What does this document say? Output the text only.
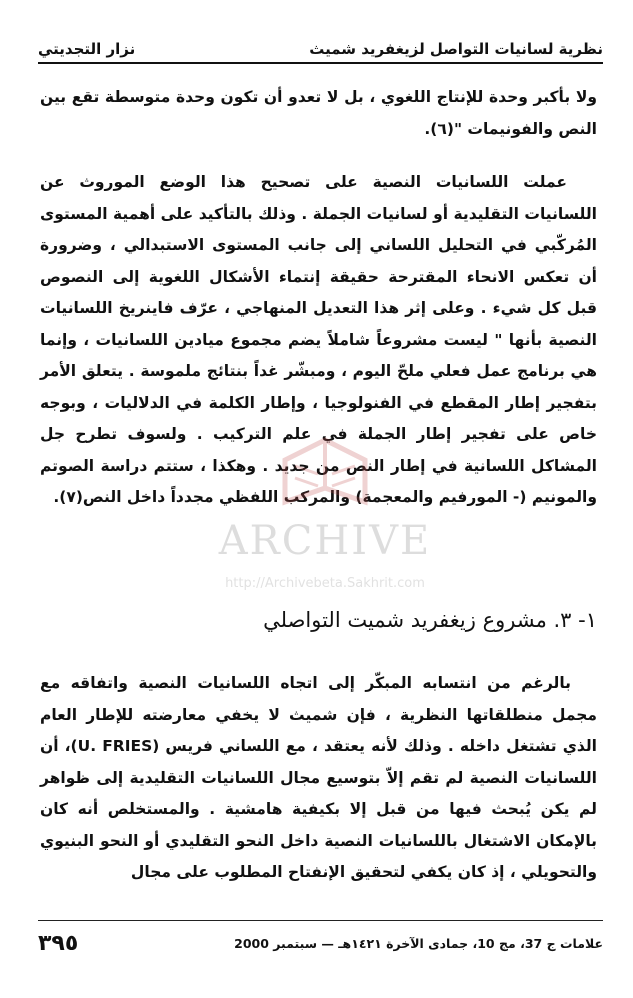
نظرية لسانيات التواصل لزيغفريد شميث
نزار التجديتي

ولا بأكبر وحدة للإنتاج اللغوي ، بل لا تعدو أن تكون وحدة متوسطة تقع بين النص والفونيمات "(٦).

عملت اللسانيات النصية على تصحيح هذا الوضع الموروث عن اللسانيات التقليدية أو لسانيات الجملة . وذلك بالتأكيد على أهمية المستوى المُركّبي في التحليل اللساني إلى جانب المستوى الاستبدالي ، وضرورة أن تعكس الانحاء المقترحة حقيقة إنتماء الأشكال اللغوية إلى النصوص قبل كل شيء . وعلى إثر هذا التعديل المنهاجي ، عرّف فاينريخ اللسانيات النصية بأنها " ليست مشروعاً شاملاً يضم مجموع ميادين اللسانيات ، وإنما هي برنامج عمل فعلي ملحّ اليوم ، ومبشّر غداً بنتائج ملموسة . يتعلق الأمر بتفجير إطار المقطع في الفنولوجيا ، وإطار الكلمة في الدلاليات ، وبوجه خاص على تفجير إطار الجملة في علم التركيب . ولسوف تطرح جل المشاكل اللسانية في إطار النص من جديد . وهكذا ، ستتم دراسة الصوتم والمونيم (- المورفيم والمعجمة) والمركب اللفظي مجدداً داخل النص(٧).

١- ٣. مشروع زيغفريد شميت التواصلي

بالرغم من انتسابه المبكّر إلى اتجاه اللسانيات النصية واتفاقه مع مجمل منطلقاتها النظرية ، فإن شميث لا يخفي معارضته للإطار العام الذي تشتغل داخله . وذلك لأنه يعتقد ، مع اللساني فريس (U. FRIES)، أن اللسانيات النصية لم تقم إلاّ بتوسيع مجال اللسانيات التقليدية إلى ظواهر لم يكن يُبحث فيها من قبل إلا بكيفية هامشية . والمستخلص أنه كان بالإمكان الاشتغال باللسانيات النصية داخل النحو التقليدي أو النحو البنيوي والتحويلي ، إذ كان يكفي لتحقيق الإنفتاح المطلوب على مجال

ARCHIVE
http://Archivebeta.Sakhrit.com
علامات ج 37، مج 10، جمادى الآخرة ١٤٢١هـ — سبتمبر 2000
٣٩٥
